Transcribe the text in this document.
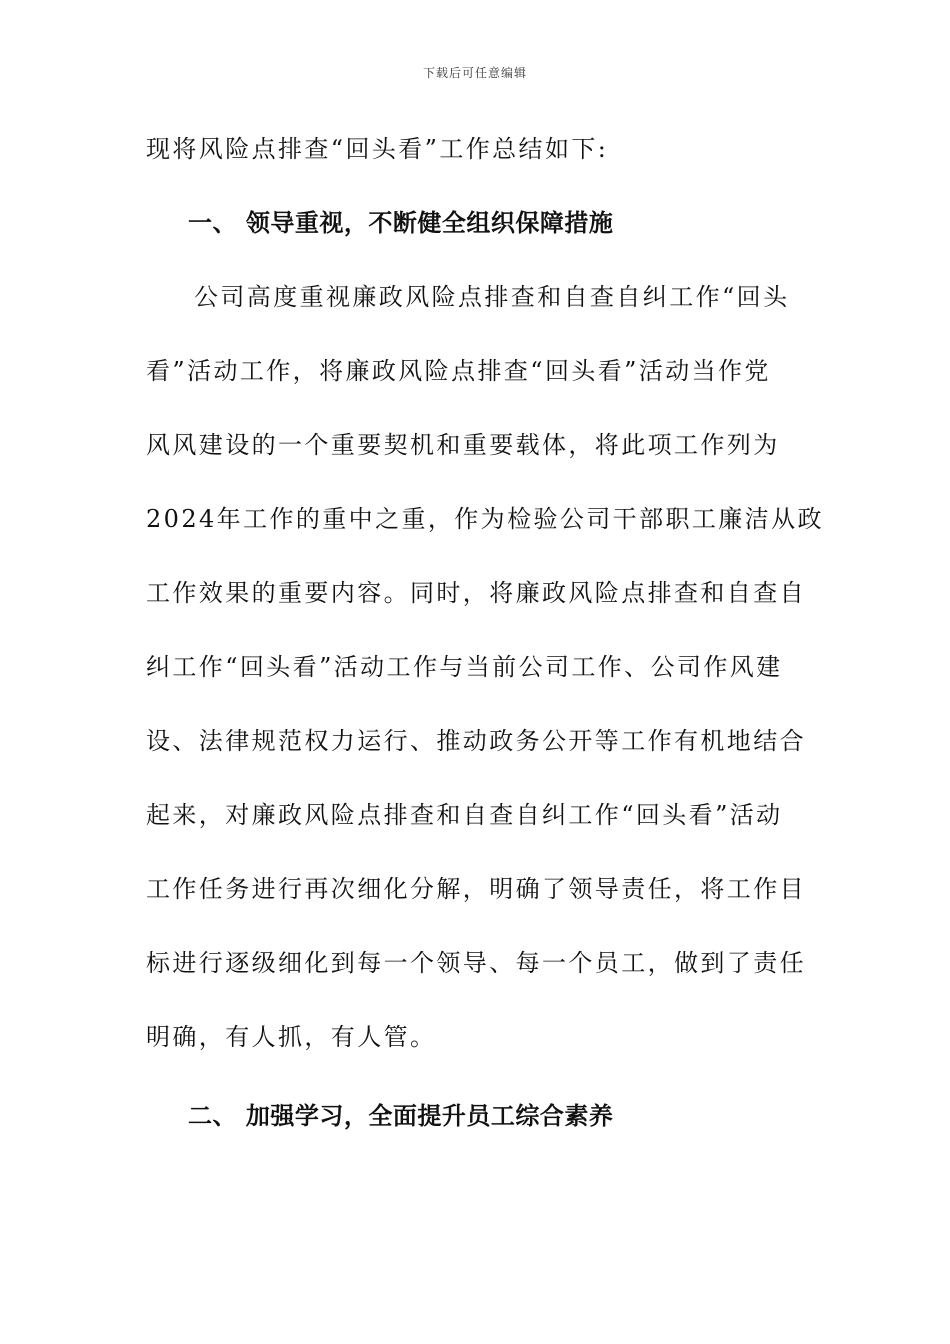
下载后可任意编辑
现将风险点排查“回头看”工作总结如下:
一、 领导重视，不断健全组织保障措施
公司高度重视廉政风险点排查和自查自纠工作“回头
看”活动工作，将廉政风险点排查“回头看”活动当作党
风风建设的一个重要契机和重要载体，将此项工作列为
2024年工作的重中之重，作为检验公司干部职工廉洁从政
工作效果的重要内容。同时，将廉政风险点排查和自查自
纠工作“回头看”活动工作与当前公司工作、公司作风建
设、法律规范权力运行、推动政务公开等工作有机地结合
起来，对廉政风险点排查和自查自纠工作“回头看”活动
工作任务进行再次细化分解，明确了领导责任，将工作目
标进行逐级细化到每一个领导、每一个员工，做到了责任
明确，有人抓，有人管。
二、 加强学习，全面提升员工综合素养
